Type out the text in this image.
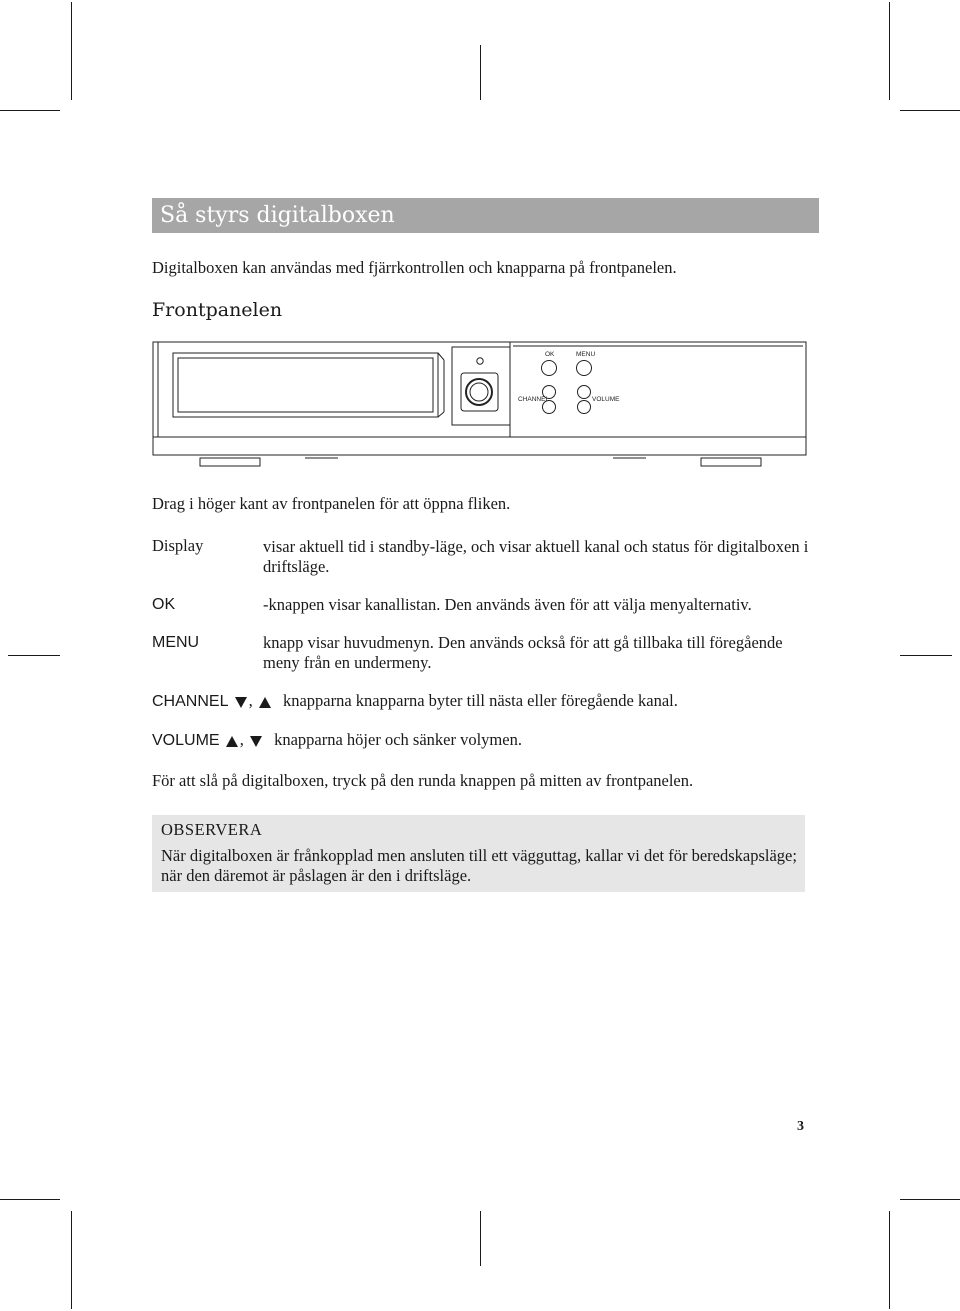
Så styrs digitalboxen
Digitalboxen kan användas med fjärrkontrollen och knapparna på frontpanelen.
Frontpanelen
OK	MENU
CHANNEL	VOLUME
Drag i höger kant av frontpanelen för att öppna fliken.
Display	visar aktuell tid i standby-läge, och visar aktuell kanal och status för digitalboxen i driftsläge.
OK	-knappen visar kanallistan. Den används även för att välja menyalternativ.
MENU	knapp visar huvudmenyn. Den används också för att gå tillbaka till föregående meny från en undermeny.
CHANNEL , knapparna knapparna byter till nästa eller föregående kanal.
VOLUME , knapparna höjer och sänker volymen.
För att slå på digitalboxen, tryck på den runda knappen på mitten av frontpanelen.
OBSERVERA
När digitalboxen är frånkopplad men ansluten till ett vägguttag, kallar vi det för beredskapsläge; när den däremot är påslagen är den i driftsläge.
3
